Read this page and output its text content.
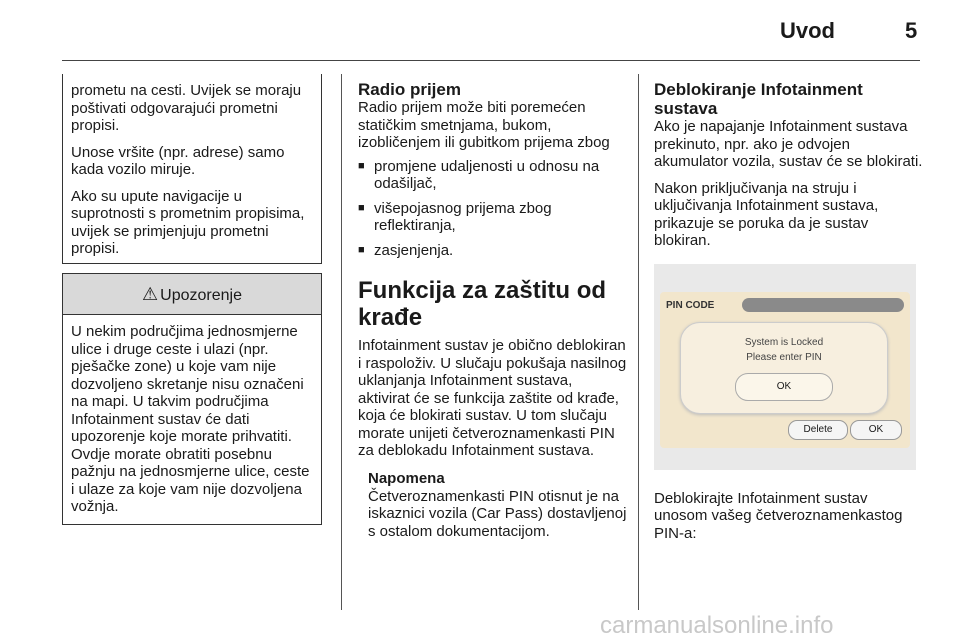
Uvod	5

prometu na cesti. Uvijek se moraju poštivati odgovarajući prometni propisi.

Unose vršite (npr. adrese) samo kada vozilo miruje.

Ako su upute navigacije u suprotnosti s prometnim propisima, uvijek se primjenjuju prometni propisi.

⚠ Upozorenje

U nekim područjima jednosmjerne ulice i druge ceste i ulazi (npr. pješačke zone) u koje vam nije dozvoljeno skretanje nisu označeni na mapi. U takvim područjima Infotainment sustav će dati upozorenje koje morate prihvatiti. Ovdje morate obratiti posebnu pažnju na jednosmjerne ulice, ceste i ulaze za koje vam nije dozvoljena vožnja.

Radio prijem

Radio prijem može biti poremećen statičkim smetnjama, bukom, izobličenjem ili gubitkom prijema zbog

■ promjene udaljenosti u odnosu na odašiljač,
■ višepojasnog prijema zbog reflektiranja,
■ zasjenjenja.
Funkcija za zaštitu od krađe

Infotainment sustav je obično deblokiran i raspoloživ. U slučaju pokušaja nasilnog uklanjanja Infotainment sustava, aktivirat će se funkcija zaštite od krađe, koja će blokirati sustav. U tom slučaju morate unijeti četveroznamenkasti PIN za deblokadu Infotainment sustava.

Napomena

Četveroznamenkasti PIN otisnut je na iskaznici vozila (Car Pass) dostavljenoj s ostalom dokumentacijom.

Deblokiranje Infotainment sustava

Ako je napajanje Infotainment sustava prekinuto, npr. ako je odvojen akumulator vozila, sustav će se blokirati.

Nakon priključivanja na struju i uključivanja Infotainment sustava, prikazuje se poruka da je sustav blokiran.

PIN CODE
System is Locked
Please enter PIN
OK
Delete	OK

Deblokirajte Infotainment sustav unosom vašeg četveroznamenkastog PIN-a:

carmanualsonline.info
